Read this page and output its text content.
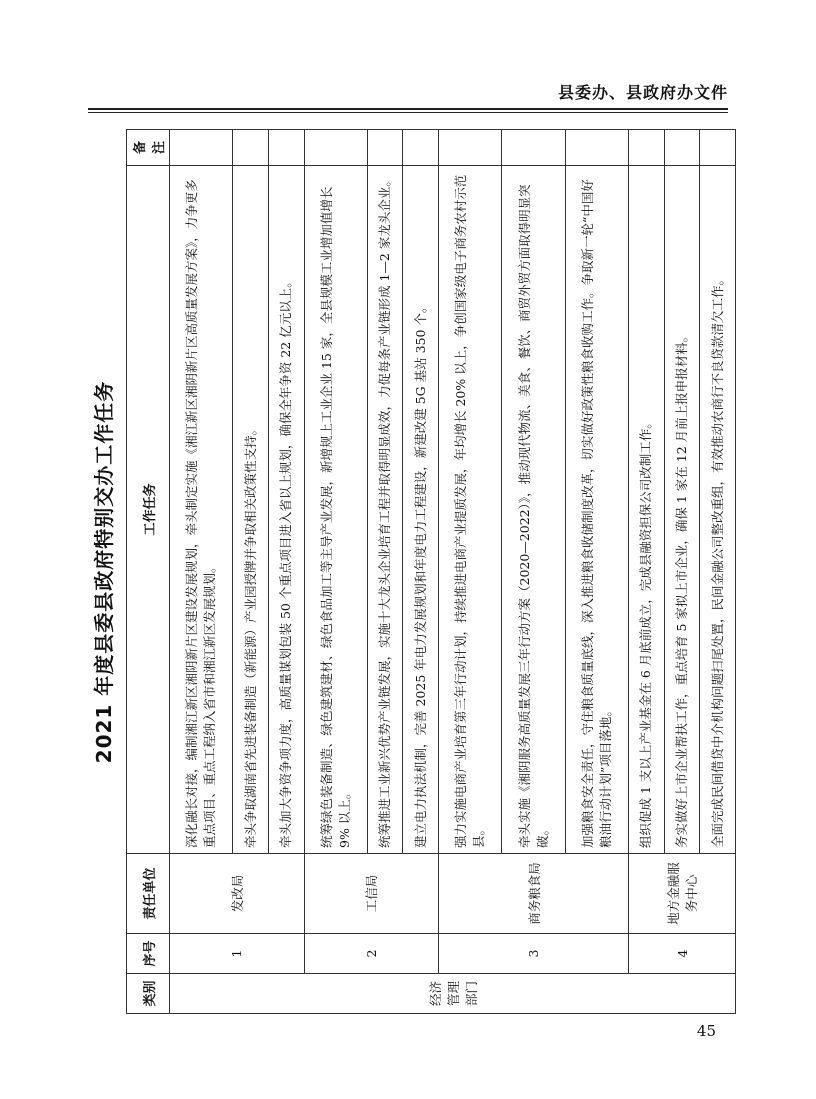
县委办、县政府办文件
2021 年度县委县政府特别交办工作任务
类别	序号	责任单位	工作任务	备注
经济管理部门	1	发改局	深化融长对接，编制湘江新区湘阴新片区建设发展规划，牵头制定实施《湘江新区湘阴新片区高质量发展方案》，力争更多重点项目、重点工程纳入省市和湘江新区发展规划。	
			牵头争取湖南省先进装备制造（新能源）产业园授牌并争取相关政策性支持。	
			牵头加大争资争项力度，高质量谋划包装 50 个重点项目进入省以上规划，确保全年争资 22 亿元以上。	
	2	工信局	统筹绿色装备制造、绿色建筑建材、绿色食品加工等主导产业发展，新增规上工业企业 15 家，全县规模工业增加值增长 9% 以上。	
			统筹推进工业新兴优势产业链发展，实施十大龙头企业培育工程并取得明显成效，力促每条产业链形成 1—2 家龙头企业。	
			建立电力执法机制，完善 2025 年电力发展规划和年度电力工程建设，新建改建 5G 基站 350 个。	
	3	商务粮食局	强力实施电商产业培育第三年行动计划，持续推进电商产业提质发展，年均增长 20% 以上，争创国家级电子商务农村示范县。	
			牵头实施《湘阴服务高质量发展三年行动方案（2020—2022）》，推动现代物流、美食、餐饮、商贸外贸方面取得明显突破。	
			加强粮食安全责任，守住粮食质量底线，深入推进粮食收储制度改革，切实做好政策性粮食收购工作。争取新一轮“中国好粮油行动计划”项目落地。	
	4	地方金融服务中心	组织促成 1 支以上产业基金在 6 月底前成立，完成县融资担保公司改制工作。	
			务实做好上市企业帮扶工作，重点培育 5 家拟上市企业，确保 1 家在 12 月前上报申报材料。	
			全面完成民间借贷中介机构问题扫尾处置，民间金融公司整改重组，有效推动农商行不良贷款清欠工作。	
45
